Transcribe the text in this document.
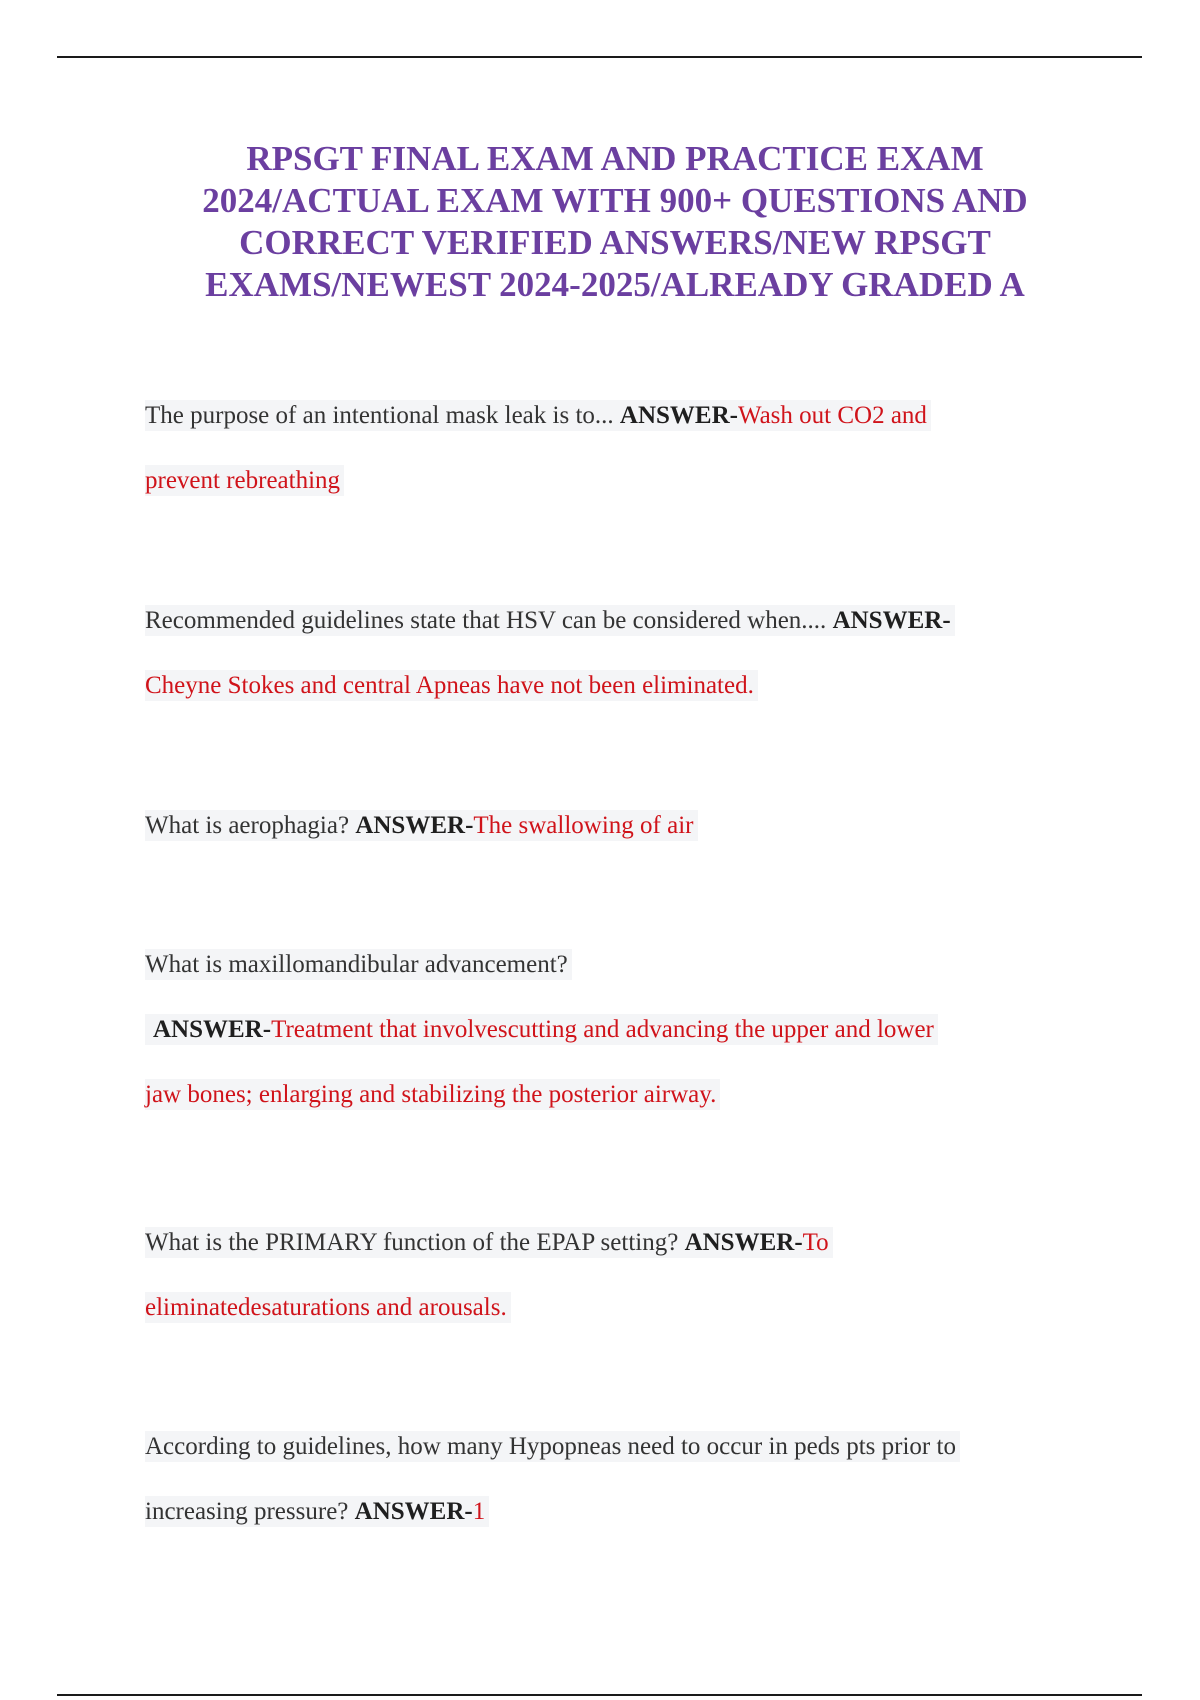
RPSGT FINAL EXAM AND PRACTICE EXAM
2024/ACTUAL EXAM WITH 900+ QUESTIONS AND
CORRECT VERIFIED ANSWERS/NEW RPSGT
EXAMS/NEWEST 2024-2025/ALREADY GRADED A
The purpose of an intentional mask leak is to... ANSWER-Wash out CO2 and
prevent rebreathing
Recommended guidelines state that HSV can be considered when.... ANSWER-
Cheyne Stokes and central Apneas have not been eliminated.
What is aerophagia? ANSWER-The swallowing of air
What is maxillomandibular advancement?
ANSWER-Treatment that involvescutting and advancing the upper and lower
jaw bones; enlarging and stabilizing the posterior airway.
What is the PRIMARY function of the EPAP setting? ANSWER-To
eliminatedesaturations and arousals.
According to guidelines, how many Hypopneas need to occur in peds pts prior to
increasing pressure? ANSWER-1
